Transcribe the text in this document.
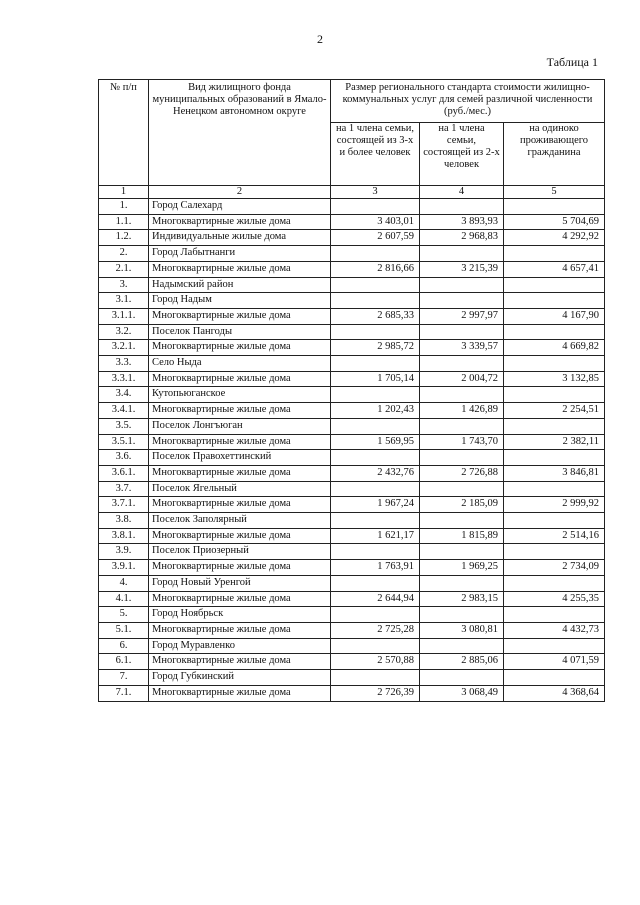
2
Таблица 1
№ п/п	Вид жилищного фонда муниципальных образований в Ямало-Ненецком автономном округе	Размер регионального стандарта стоимости жилищно-коммунальных услуг для семей различной численности (руб./мес.)		
		на 1 члена семьи, состоящей из 3-х и более человек	на 1 члена семьи, состоящей из 2-х человек	на одиноко проживающего гражданина
1	2	3	4	5
1.	Город Салехард			
1.1.	Многоквартирные жилые дома	3 403,01	3 893,93	5 704,69
1.2.	Индивидуальные жилые дома	2 607,59	2 968,83	4 292,92
2.	Город Лабытнанги			
2.1.	Многоквартирные жилые дома	2 816,66	3 215,39	4 657,41
3.	Надымский район			
3.1.	Город Надым			
3.1.1.	Многоквартирные жилые дома	2 685,33	2 997,97	4 167,90
3.2.	Поселок Пангоды			
3.2.1.	Многоквартирные жилые дома	2 985,72	3 339,57	4 669,82
3.3.	Село Ныда			
3.3.1.	Многоквартирные жилые дома	1 705,14	2 004,72	3 132,85
3.4.	Кутопьюганское			
3.4.1.	Многоквартирные жилые дома	1 202,43	1 426,89	2 254,51
3.5.	Поселок Лонгъюган			
3.5.1.	Многоквартирные жилые дома	1 569,95	1 743,70	2 382,11
3.6.	Поселок Правохеттинский			
3.6.1.	Многоквартирные жилые дома	2 432,76	2 726,88	3 846,81
3.7.	Поселок Ягельный			
3.7.1.	Многоквартирные жилые дома	1 967,24	2 185,09	2 999,92
3.8.	Поселок Заполярный			
3.8.1.	Многоквартирные жилые дома	1 621,17	1 815,89	2 514,16
3.9.	Поселок Приозерный			
3.9.1.	Многоквартирные жилые дома	1 763,91	1 969,25	2 734,09
4.	Город Новый Уренгой			
4.1.	Многоквартирные жилые дома	2 644,94	2 983,15	4 255,35
5.	Город Ноябрьск			
5.1.	Многоквартирные жилые дома	2 725,28	3 080,81	4 432,73
6.	Город Муравленко			
6.1.	Многоквартирные жилые дома	2 570,88	2 885,06	4 071,59
7.	Город Губкинский			
7.1.	Многоквартирные жилые дома	2 726,39	3 068,49	4 368,64
